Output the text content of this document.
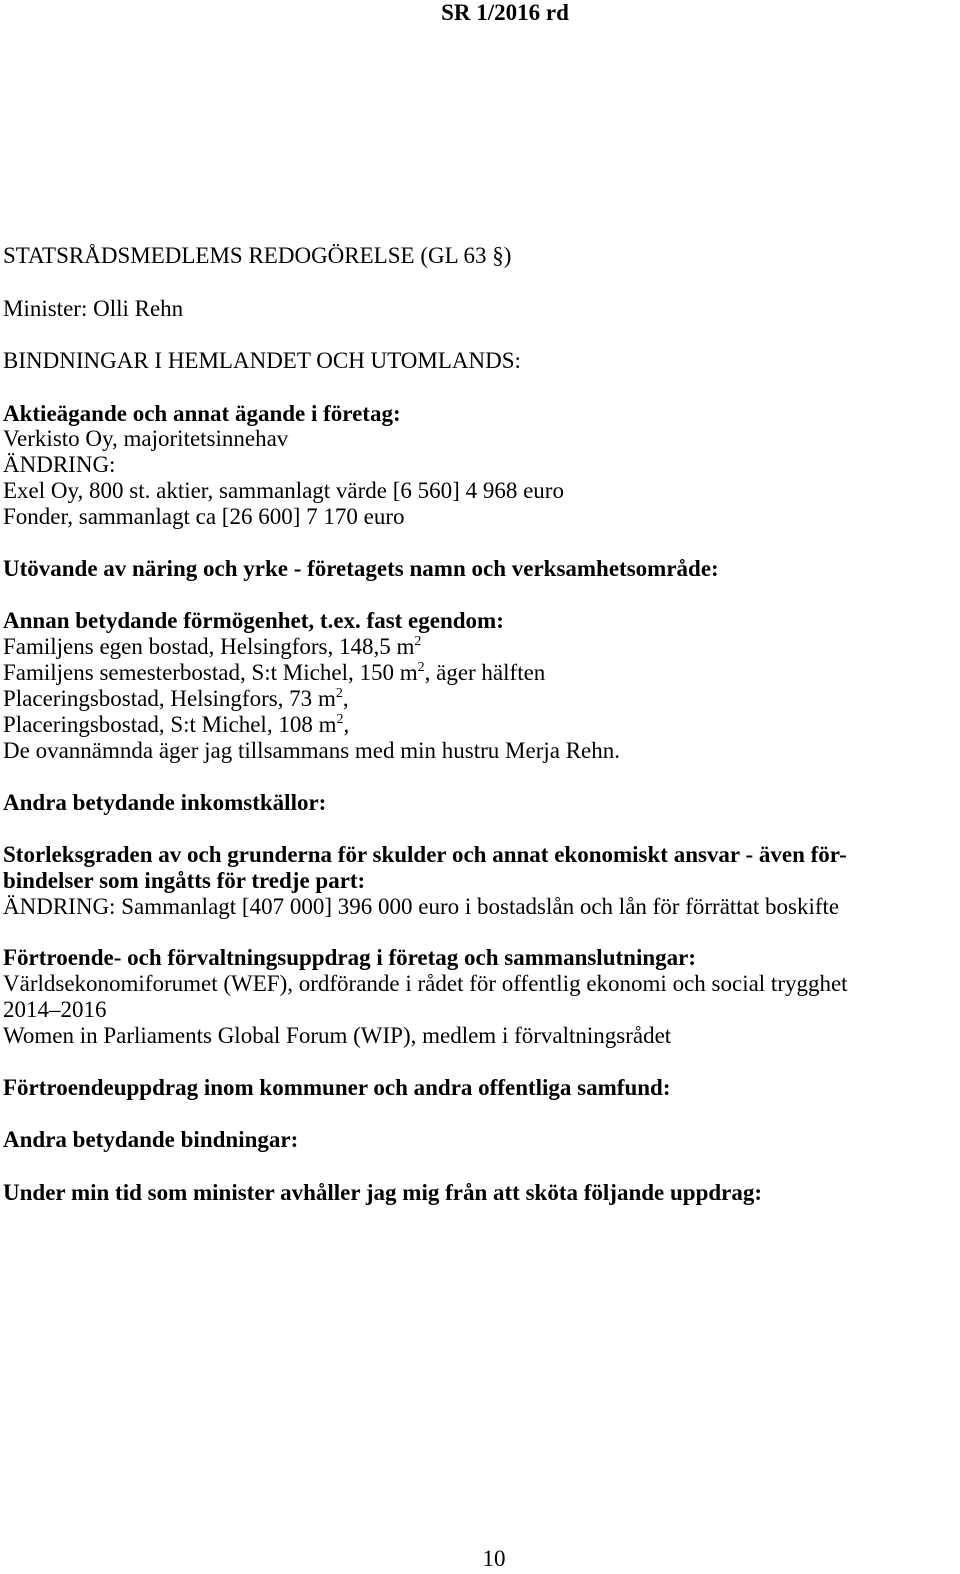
SR 1/2016 rd
STATSRÅDSMEDLEMS REDOGÖRELSE (GL 63 §)
Minister: Olli Rehn
BINDNINGAR I HEMLANDET OCH UTOMLANDS:
Aktieägande och annat ägande i företag:
Verkisto Oy, majoritetsinnehav
ÄNDRING:
Exel Oy, 800 st. aktier, sammanlagt värde [6 560] 4 968 euro
Fonder, sammanlagt ca [26 600] 7 170 euro
Utövande av näring och yrke - företagets namn och verksamhetsområde:
Annan betydande förmögenhet, t.ex. fast egendom:
Familjens egen bostad, Helsingfors, 148,5 $m^2$
Familjens semesterbostad, S:t Michel, 150 $m^2$, äger hälften
Placeringsbostad, Helsingfors, 73 $m^2$,
Placeringsbostad, S:t Michel, 108 $m^2$,
De ovannämnda äger jag tillsammans med min hustru Merja Rehn.
Andra betydande inkomstkällor:
Storleksgraden av och grunderna för skulder och annat ekonomiskt ansvar - även för-
bindelser som ingåtts för tredje part:
ÄNDRING: Sammanlagt [407 000] 396 000 euro i bostadslån och lån för förrättat boskifte
Förtroende- och förvaltningsuppdrag i företag och sammanslutningar:
Världsekonomiforumet (WEF), ordförande i rådet för offentlig ekonomi och social trygghet
2014–2016
Women in Parliaments Global Forum (WIP), medlem i förvaltningsrådet
Förtroendeuppdrag inom kommuner och andra offentliga samfund:
Andra betydande bindningar:
Under min tid som minister avhåller jag mig från att sköta följande uppdrag:
10
